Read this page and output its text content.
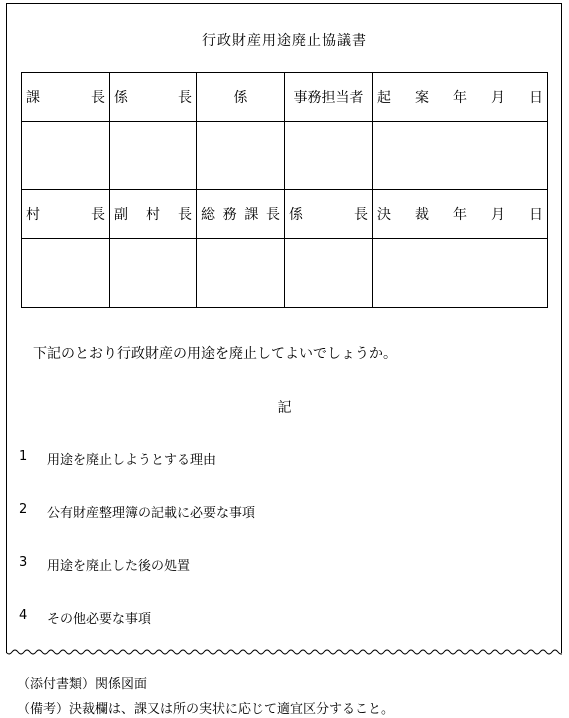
行政財産用途廃止協議書
課 長	係 長	係	事務担当者	起 案 年 月 日

村 長	副 村 長	総 務 課 長	係 長	決 裁 年 月 日

下記のとおり行政財産の用途を廃止してよいでしょうか。
記
1	用途を廃止しようとする理由
2	公有財産整理簿の記載に必要な事項
3	用途を廃止した後の処置
4	その他必要な事項
（添付書類）関係図面
（備考）決裁欄は、課又は所の実状に応じて適宜区分すること。
